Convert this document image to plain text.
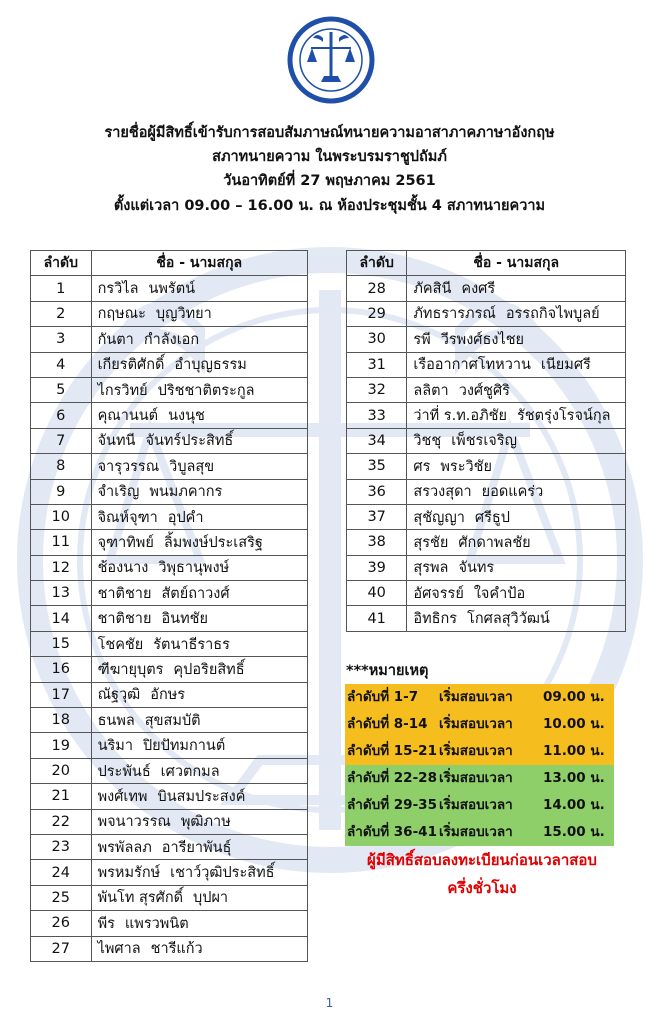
รายชื่อผู้มีสิทธิ์เข้ารับการสอบสัมภาษณ์ทนายความอาสาภาคภาษาอังกฤษ
สภาทนายความ ในพระบรมราชูปถัมภ์
วันอาทิตย์ที่ 27 พฤษภาคม 2561
ตั้งแต่เวลา 09.00 – 16.00 น. ณ ห้องประชุมชั้น 4 สภาทนายความ
ลำดับ	ชื่อ - นามสกุล
1	กรวิไล นพรัตน์
2	กฤษณะ บุญวิทยา
3	กันตา กำลังเอก
4	เกียรติศักดิ์ อำบุญธรรม
5	ไกรวิทย์ ปริชชาติตระกูล
6	คุณานนต์ นงนุช
7	จันทนี จันทร์ประสิทธิ์
8	จารุวรรณ วิบูลสุข
9	จำเริญ พนมภคากร
10	จิณห์จุฑา อุปคำ
11	จุฑาทิพย์ ลิ้มพงษ์ประเสริฐ
12	ช้องนาง วิพุธานุพงษ์
13	ชาติชาย สัตย์ถาวงศ์
14	ชาติชาย อินทชัย
15	โชคชัย รัตนาธีราธร
16	ฑีฆายุบุตร คุปอริยสิทธิ์
17	ณัฐวุฒิ อักษร
18	ธนพล สุขสมบัติ
19	นริมา ปิยปัทมกานต์
20	ประพันธ์ เศวตกมล
21	พงศ์เทพ บินสมประสงค์
22	พจนาวรรณ พุฒิภาษ
23	พรพัลลภ อารียาพันธุ์
24	พรหมรักษ์ เชาว์วุฒิประสิทธิ์
25	พันโท สุรศักดิ์ บุปผา
26	พีร แพรวพนิต
27	ไพศาล ชารีแก้ว
ลำดับ	ชื่อ - นามสกุล
28	ภัคสินี คงศรี
29	ภัทธรารภรณ์ อรรถกิจไพบูลย์
30	รพี วีรพงศ์ธงไชย
31	เรืออากาศโทหวาน เนียมศรี
32	ลลิตา วงศ์ชูศิริ
33	ว่าที่ ร.ท.อภิชัย รัชตรุ่งโรจน์กุล
34	วิชชุ เพ็ชรเจริญ
35	ศร พระวิชัย
36	สรวงสุดา ยอดแคร่ว
37	สุชัญญา ศรีธูป
38	สุรชัย ศักดาพลชัย
39	สุรพล จันทร
40	อัศจรรย์ ใจคำป้อ
41	อิทธิกร โกศลสุวิวัฒน์
***หมายเหตุ
ลำดับที่ 1-7 เริ่มสอบเวลา 09.00 น.
ลำดับที่ 8-14 เริ่มสอบเวลา 10.00 น.
ลำดับที่ 15-21 เริ่มสอบเวลา 11.00 น.
ลำดับที่ 22-28 เริ่มสอบเวลา 13.00 น.
ลำดับที่ 29-35 เริ่มสอบเวลา 14.00 น.
ลำดับที่ 36-41 เริ่มสอบเวลา 15.00 น.
ผู้มีสิทธิ์สอบลงทะเบียนก่อนเวลาสอบ
ครึ่งชั่วโมง
1
